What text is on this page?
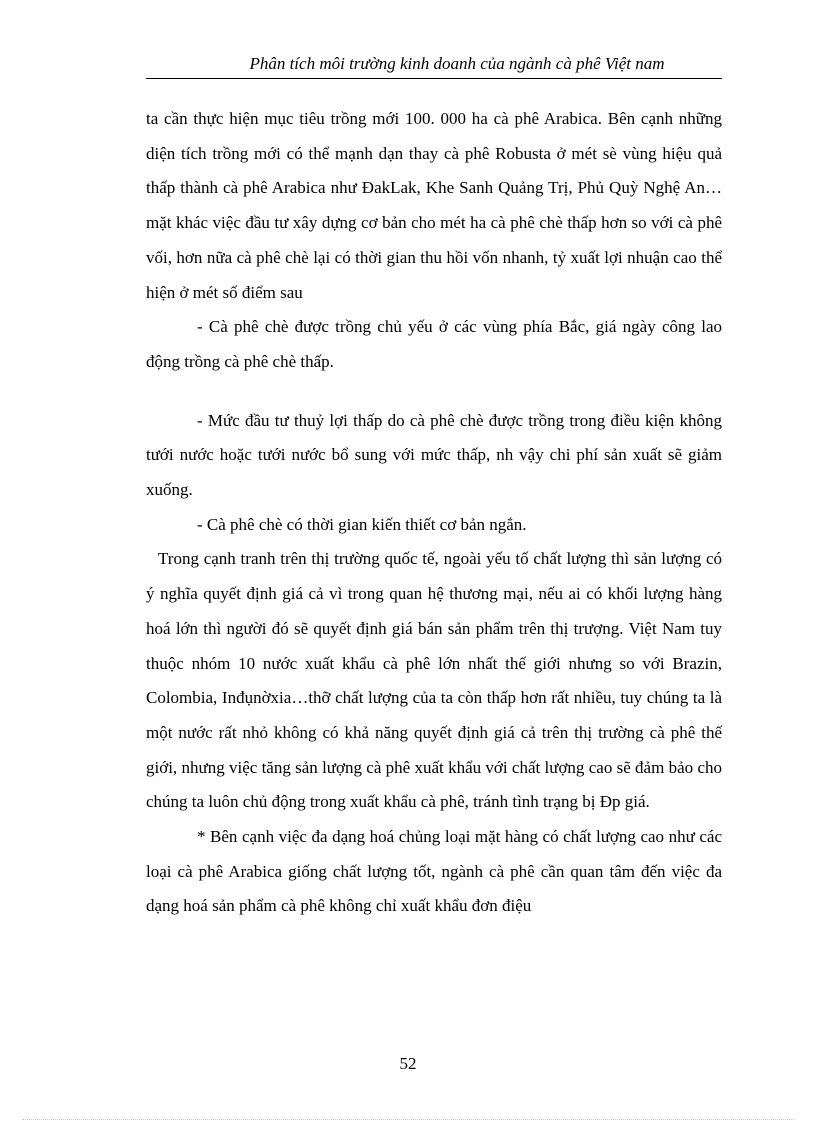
Phân tích môi trường kinh doanh của ngành cà phê Việt nam

ta cần thực hiện mục tiêu trồng mới 100. 000 ha cà phê Arabica. Bên cạnh những diện tích trồng mới có thể mạnh dạn thay cà phê Robusta ở mét sè vùng hiệu quả thấp thành cà phê Arabica như ĐakLak, Khe Sanh Quảng Trị, Phủ Quỳ Nghệ An…mặt khác việc đầu tư xây dựng cơ bản cho mét ha cà phê chè thấp hơn so với cà phê vối, hơn nữa cà phê chè lại có thời gian thu hồi vốn nhanh, tỷ xuất lợi nhuận cao thể hiện ở mét số điểm sau

- Cà phê chè được trồng chủ yếu ở các vùng phía Bắc, giá ngày công lao động trồng cà phê chè thấp.

- Mức đầu tư thuỷ lợi thấp do cà phê chè được trồng trong điều kiện không tưới nước hoặc tưới nước bổ sung với mức thấp, nh vậy chi phí sản xuất sẽ giảm xuống.

- Cà phê chè có thời gian kiến thiết cơ bản ngắn.

Trong cạnh tranh trên thị trường quốc tế, ngoài yếu tố chất lượng thì sản lượng có ý nghĩa quyết định giá cả vì trong quan hệ thương mại, nếu ai có khối lượng hàng hoá lớn thì người đó sẽ quyết định giá bán sản phẩm trên thị trượng. Việt Nam tuy thuộc nhóm 10 nước xuất khẩu cà phê lớn nhất thế giới nhưng so với Brazin, Colombia, Inđụnờxia…thỡ chất lượng của ta còn thấp hơn rất nhiều, tuy chúng ta là một nước rất nhỏ không có khả năng quyết định giá cả trên thị trường cà phê thế giới, nhưng việc tăng sản lượng cà phê xuất khẩu với chất lượng cao sẽ đảm bảo cho chúng ta luôn chủ động trong xuất khẩu cà phê, tránh tình trạng bị Ðp giá.

* Bên cạnh việc đa dạng hoá chủng loại mặt hàng có chất lượng cao như các loại cà phê Arabica giống chất lượng tốt, ngành cà phê cần quan tâm đến việc đa dạng hoá sản phẩm cà phê không chỉ xuất khẩu đơn điệu

52
